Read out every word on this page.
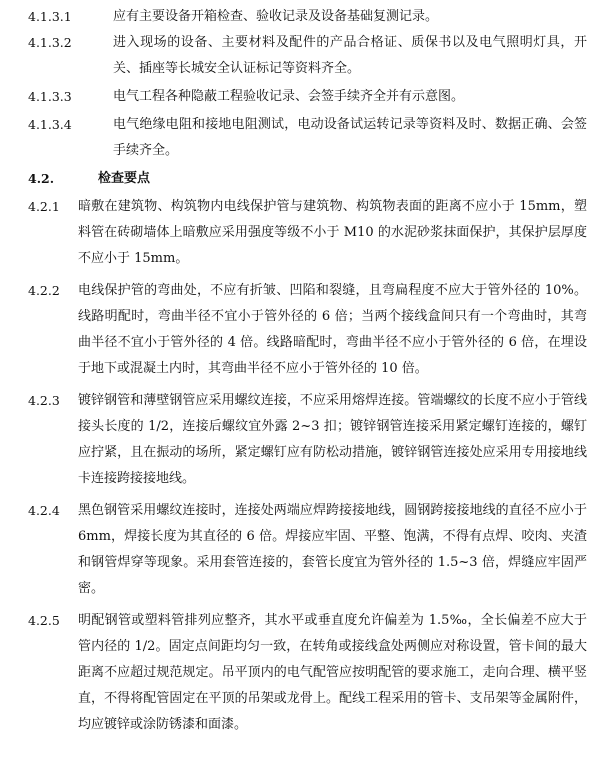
4.1.3.1	应有主要设备开箱检查、验收记录及设备基础复测记录。
4.1.3.2	进入现场的设备、主要材料及配件的产品合格证、质保书以及电气照明灯具，开关、插座等长城安全认证标记等资料齐全。
4.1.3.3	电气工程各种隐蔽工程验收记录、会签手续齐全并有示意图。
4.1.3.4	电气绝缘电阻和接地电阻测试，电动设备试运转记录等资料及时、数据正确、会签手续齐全。
4.2.	检查要点
4.2.1	暗敷在建筑物、构筑物内电线保护管与建筑物、构筑物表面的距离不应小于 15mm，塑料管在砖砌墙体上暗敷应采用强度等级不小于 M10 的水泥砂浆抹面保护，其保护层厚度不应小于 15mm。
4.2.2	电线保护管的弯曲处，不应有折皱、凹陷和裂缝，且弯扁程度不应大于管外径的 10%。线路明配时，弯曲半径不宜小于管外径的 6 倍；当两个接线盒间只有一个弯曲时，其弯曲半径不宜小于管外径的 4 倍。线路暗配时，弯曲半径不应小于管外径的 6 倍，在埋设于地下或混凝土内时，其弯曲半径不应小于管外径的 10 倍。
4.2.3	镀锌钢管和薄壁钢管应采用螺纹连接，不应采用熔焊连接。管端螺纹的长度不应小于管线接头长度的 1/2，连接后螺纹宜外露 2~3 扣；镀锌钢管连接采用紧定螺钉连接的，螺钉应拧紧，且在振动的场所，紧定螺钉应有防松动措施，镀锌钢管连接处应采用专用接地线卡连接跨接接地线。
4.2.4	黑色钢管采用螺纹连接时，连接处两端应焊跨接接地线，圆钢跨接接地线的直径不应小于 6mm，焊接长度为其直径的 6 倍。焊接应牢固、平整、饱满，不得有点焊、咬肉、夹渣和钢管焊穿等现象。采用套管连接的，套管长度宜为管外径的 1.5~3 倍，焊缝应牢固严密。
4.2.5	明配钢管或塑料管排列应整齐，其水平或垂直度允许偏差为 1.5‰，全长偏差不应大于管内径的 1/2。固定点间距均匀一致，在转角或接线盒处两侧应对称设置，管卡间的最大距离不应超过规范规定。吊平顶内的电气配管应按明配管的要求施工，走向合理、横平竖直，不得将配管固定在平顶的吊架或龙骨上。配线工程采用的管卡、支吊架等金属附件，均应镀锌或涂防锈漆和面漆。
